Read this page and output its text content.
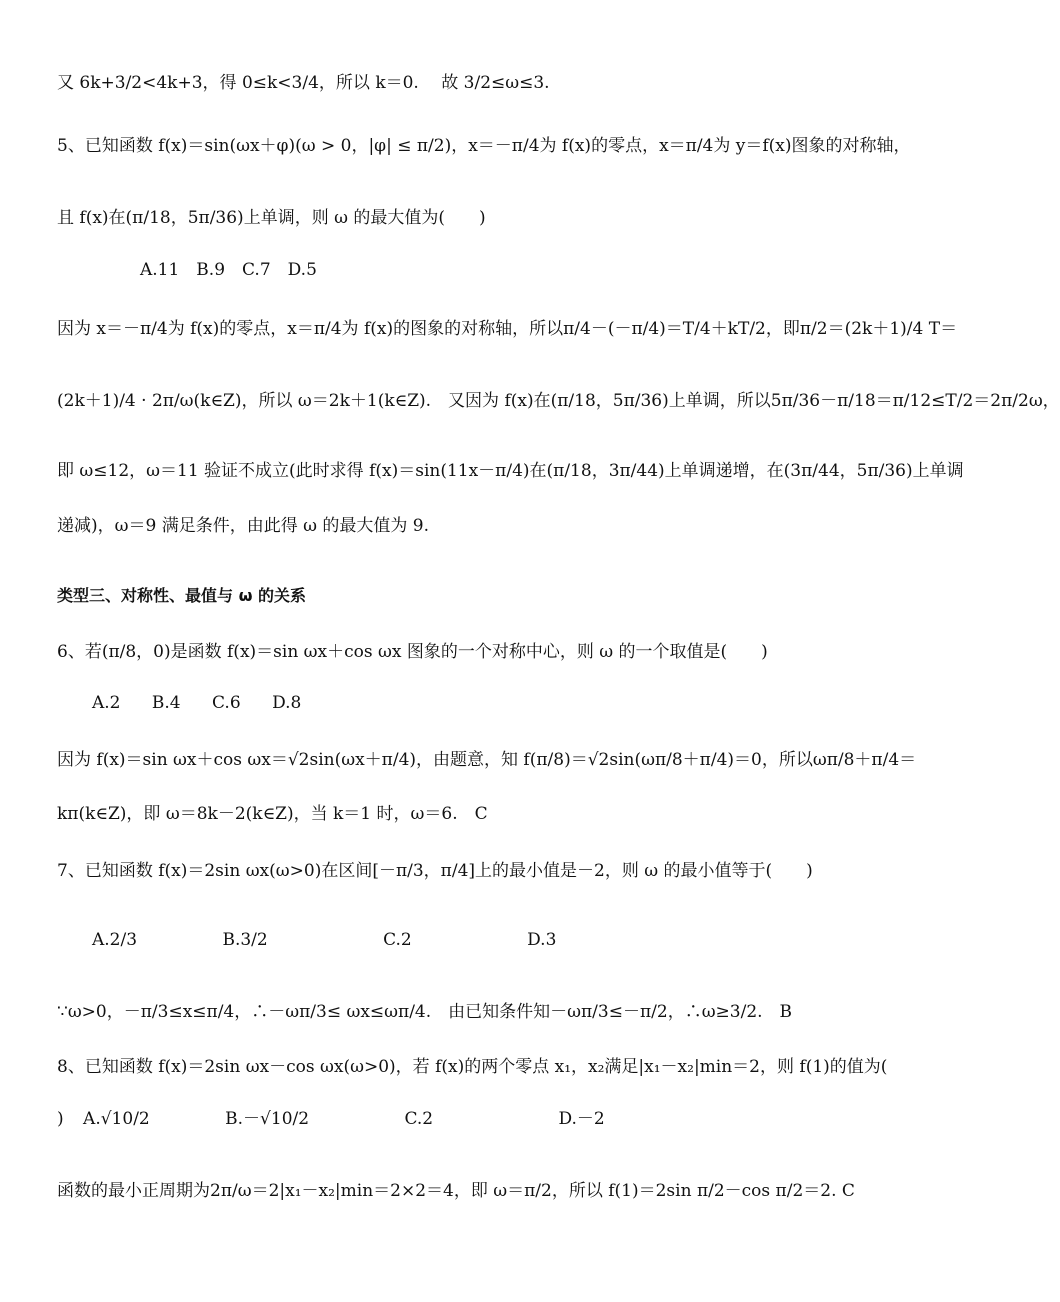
又 6k+3/2<4k+3，得 0≤k<3/4，所以 k＝0.　 故 3/2≤ω≤3.
5、已知函数 f(x)＝sin(ωx＋φ)(ω > 0，|φ| ≤ π/2)，x＝－π/4为 f(x)的零点，x＝π/4为 y＝f(x)图象的对称轴，
且 f(x)在(π/18，5π/36)上单调，则 ω 的最大值为(　　)
A.11　B.9　C.7　D.5
因为 x＝－π/4为 f(x)的零点，x＝π/4为 f(x)的图象的对称轴，所以π/4－(－π/4)＝T/4＋kT/2，即π/2＝(2k＋1)/4 T＝
(2k＋1)/4 · 2π/ω(k∈Z)，所以 ω＝2k＋1(k∈Z).　又因为 f(x)在(π/18，5π/36)上单调，所以5π/36－π/18＝π/12≤T/2＝2π/2ω，
即 ω≤12，ω＝11 验证不成立(此时求得 f(x)＝sin(11x－π/4)在(π/18，3π/44)上单调递增，在(3π/44，5π/36)上单调
递减)，ω＝9 满足条件，由此得 ω 的最大值为 9.
类型三、对称性、最值与 ω 的关系
6、若(π/8，0)是函数 f(x)＝sin ωx＋cos ωx 图象的一个对称中心，则 ω 的一个取值是(　　)
A.2 B.4 C.6 D.8
因为 f(x)＝sin ωx＋cos ωx＝√2sin(ωx＋π/4)，由题意，知 f(π/8)＝√2sin(ωπ/8＋π/4)＝0，所以ωπ/8＋π/4＝
kπ(k∈Z)，即 ω＝8k－2(k∈Z)，当 k＝1 时，ω＝6.　C
7、已知函数 f(x)＝2sin ωx(ω>0)在区间[－π/3，π/4]上的最小值是－2，则 ω 的最小值等于(　　)
A.2/3	B.3/2	C.2	D.3
∵ω>0，－π/3≤x≤π/4，∴－ωπ/3≤ ωx≤ωπ/4.　由已知条件知－ωπ/3≤－π/2，∴ω≥3/2.　B
8、已知函数 f(x)＝2sin ωx－cos ωx(ω>0)，若 f(x)的两个零点 x₁，x₂满足|x₁－x₂|min＝2，则 f(1)的值为(
) A.√10/2	B.－√10/2	C.2	D.－2
函数的最小正周期为2π/ω＝2|x₁－x₂|min＝2×2＝4，即 ω＝π/2，所以 f(1)＝2sin π/2－cos π/2＝2. C
